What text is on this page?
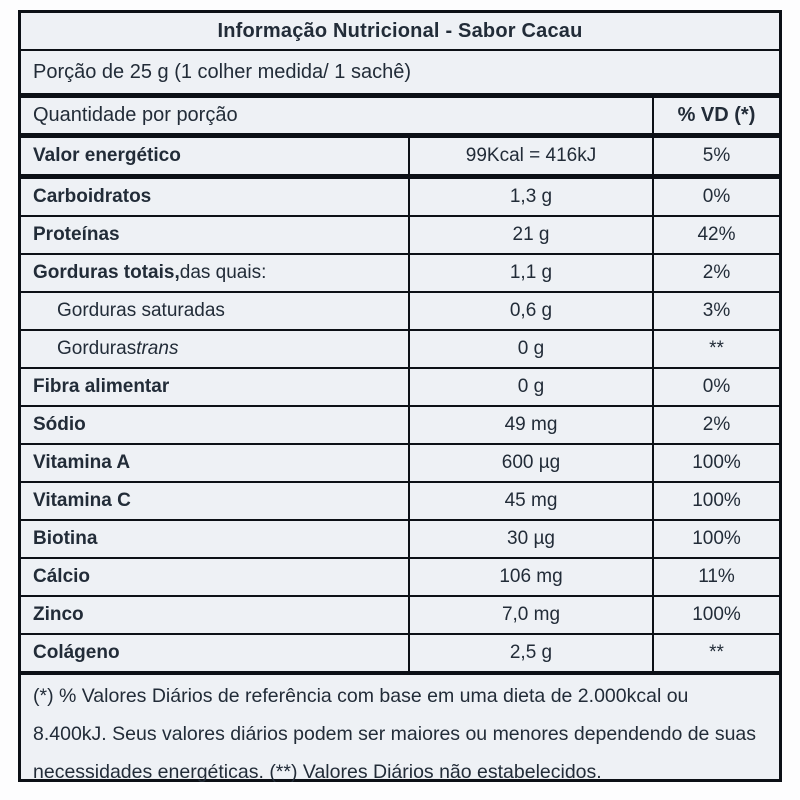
Informação Nutricional - Sabor Cacau
Porção de 25 g (1 colher medida/ 1 sachê)
Quantidade por porção	% VD (*)
Valor energético	99Kcal = 416kJ	5%
Carboidratos	1,3 g	0%
Proteínas	21 g	42%
Gorduras totais, das quais:	1,1 g	2%
Gorduras saturadas	0,6 g	3%
Gorduras trans	0 g	**
Fibra alimentar	0 g	0%
Sódio	49 mg	2%
Vitamina A	600 µg	100%
Vitamina C	45 mg	100%
Biotina	30 µg	100%
Cálcio	106 mg	11%
Zinco	7,0 mg	100%
Colágeno	2,5 g	**
(*) % Valores Diários de referência com base em uma dieta de 2.000kcal ou 8.400kJ. Seus valores diários podem ser maiores ou menores dependendo de suas necessidades energéticas. (**) Valores Diários não estabelecidos.
